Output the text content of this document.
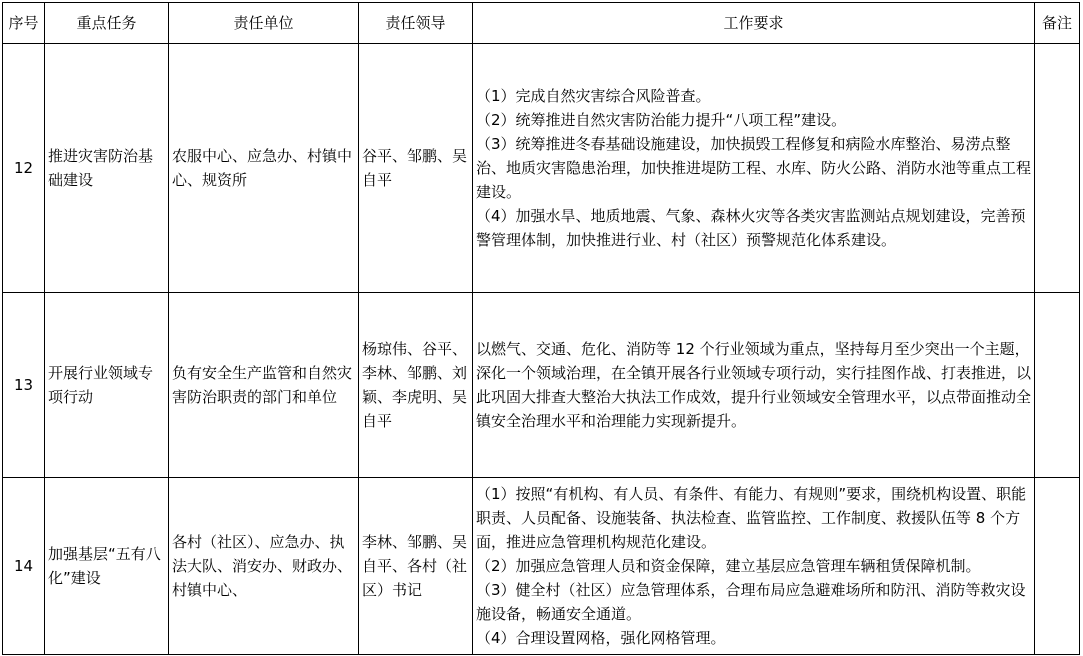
序号	重点任务	责任单位	责任领导	工作要求	备注
12	推进灾害防治基础建设	农服中心、应急办、村镇中心、规资所	谷平、邹鹏、吴自平	（1）完成自然灾害综合风险普查。
（2）统筹推进自然灾害防治能力提升“八项工程”建设。
（3）统筹推进冬春基础设施建设，加快损毁工程修复和病险水库整治、易涝点整治、地质灾害隐患治理，加快推进堤防工程、水库、防火公路、消防水池等重点工程建设。
（4）加强水旱、地质地震、气象、森林火灾等各类灾害监测站点规划建设，完善预警管理体制，加快推进行业、村（社区）预警规范化体系建设。	

13	开展行业领域专项行动	负有安全生产监管和自然灾害防治职责的部门和单位	杨琼伟、谷平、李林、邹鹏、刘颖、李虎明、吴自平	以燃气、交通、危化、消防等 12 个行业领域为重点，坚持每月至少突出一个主题，深化一个领域治理，在全镇开展各行业领域专项行动，实行挂图作战、打表推进，以此巩固大排查大整治大执法工作成效，提升行业领域安全管理水平，以点带面推动全镇安全治理水平和治理能力实现新提升。	

14	加强基层“五有八化”建设	各村（社区）、应急办、执法大队、消安办、财政办、村镇中心、	李林、邹鹏、吴自平、各村（社区）书记	（1）按照“有机构、有人员、有条件、有能力、有规则”要求，围绕机构设置、职能职责、人员配备、设施装备、执法检查、监管监控、工作制度、救援队伍等 8 个方面，推进应急管理机构规范化建设。
（2）加强应急管理人员和资金保障，建立基层应急管理车辆租赁保障机制。
（3）健全村（社区）应急管理体系，合理布局应急避难场所和防汛、消防等救灾设施设备，畅通安全通道。
（4）合理设置网格，强化网格管理。	
